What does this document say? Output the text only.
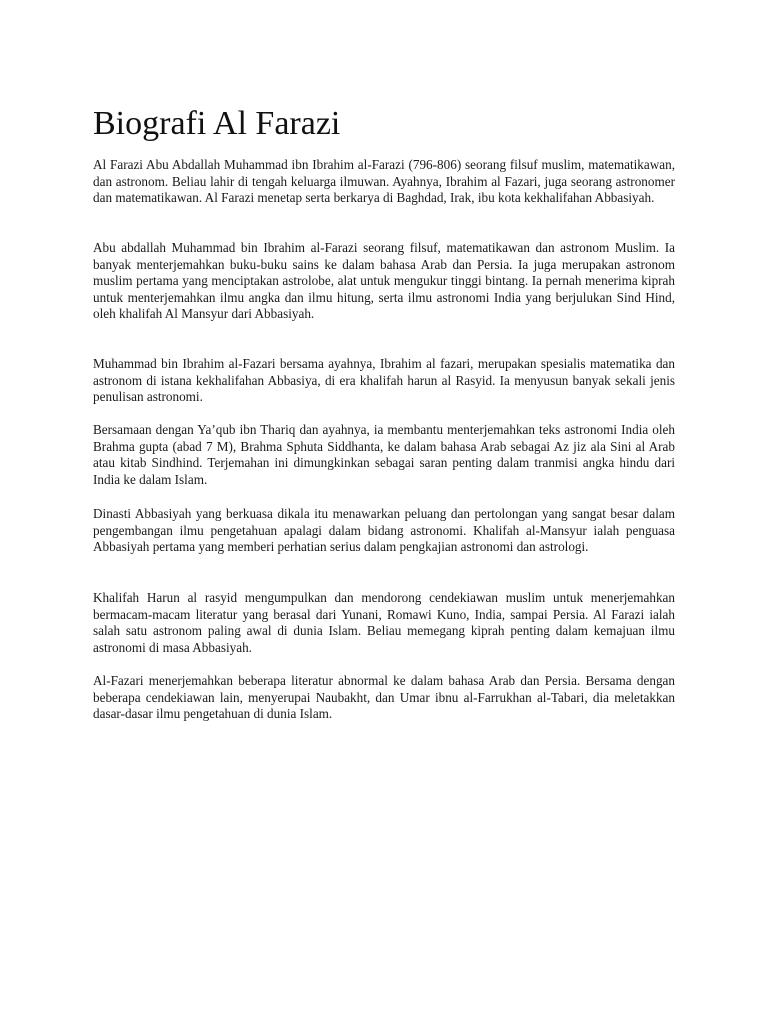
Biografi Al Farazi

Al Farazi Abu Abdallah Muhammad ibn Ibrahim al-Farazi (796-806) seorang filsuf muslim, matematikawan, dan astronom. Beliau lahir di tengah keluarga ilmuwan. Ayahnya, Ibrahim al Fazari, juga seorang astronomer dan matematikawan. Al Farazi menetap serta berkarya di Baghdad, Irak, ibu kota kekhalifahan Abbasiyah.

Abu abdallah Muhammad bin Ibrahim al-Farazi seorang filsuf, matematikawan dan astronom Muslim. Ia banyak menterjemahkan buku-buku sains ke dalam bahasa Arab dan Persia. Ia juga merupakan astronom muslim pertama yang menciptakan astrolobe, alat untuk mengukur tinggi bintang. Ia pernah menerima kiprah untuk menterjemahkan ilmu angka dan ilmu hitung, serta ilmu astronomi India yang berjulukan Sind Hind, oleh khalifah Al Mansyur dari Abbasiyah.

Muhammad bin Ibrahim al-Fazari bersama ayahnya, Ibrahim al fazari, merupakan spesialis matematika dan astronom di istana kekhalifahan Abbasiya, di era khalifah harun al Rasyid. Ia menyusun banyak sekali jenis penulisan astronomi.

Bersamaan dengan Ya’qub ibn Thariq dan ayahnya, ia membantu menterjemahkan teks astronomi India oleh Brahma gupta (abad 7 M), Brahma Sphuta Siddhanta, ke dalam bahasa Arab sebagai Az jiz ala Sini al Arab atau kitab Sindhind. Terjemahan ini dimungkinkan sebagai saran penting dalam tranmisi angka hindu dari India ke dalam Islam.

Dinasti Abbasiyah yang berkuasa dikala itu menawarkan peluang dan pertolongan yang sangat besar dalam pengembangan ilmu pengetahuan apalagi dalam bidang astronomi. Khalifah al-Mansyur ialah penguasa Abbasiyah pertama yang memberi perhatian serius dalam pengkajian astronomi dan astrologi.

Khalifah Harun al rasyid mengumpulkan dan mendorong cendekiawan muslim untuk menerjemahkan bermacam-macam literatur yang berasal dari Yunani, Romawi Kuno, India, sampai Persia. Al Farazi ialah salah satu astronom paling awal di dunia Islam. Beliau memegang kiprah penting dalam kemajuan ilmu astronomi di masa Abbasiyah.

Al-Fazari menerjemahkan beberapa literatur abnormal ke dalam bahasa Arab dan Persia. Bersama dengan beberapa cendekiawan lain, menyerupai Naubakht, dan Umar ibnu al-Farrukhan al-Tabari, dia meletakkan dasar-dasar ilmu pengetahuan di dunia Islam.
